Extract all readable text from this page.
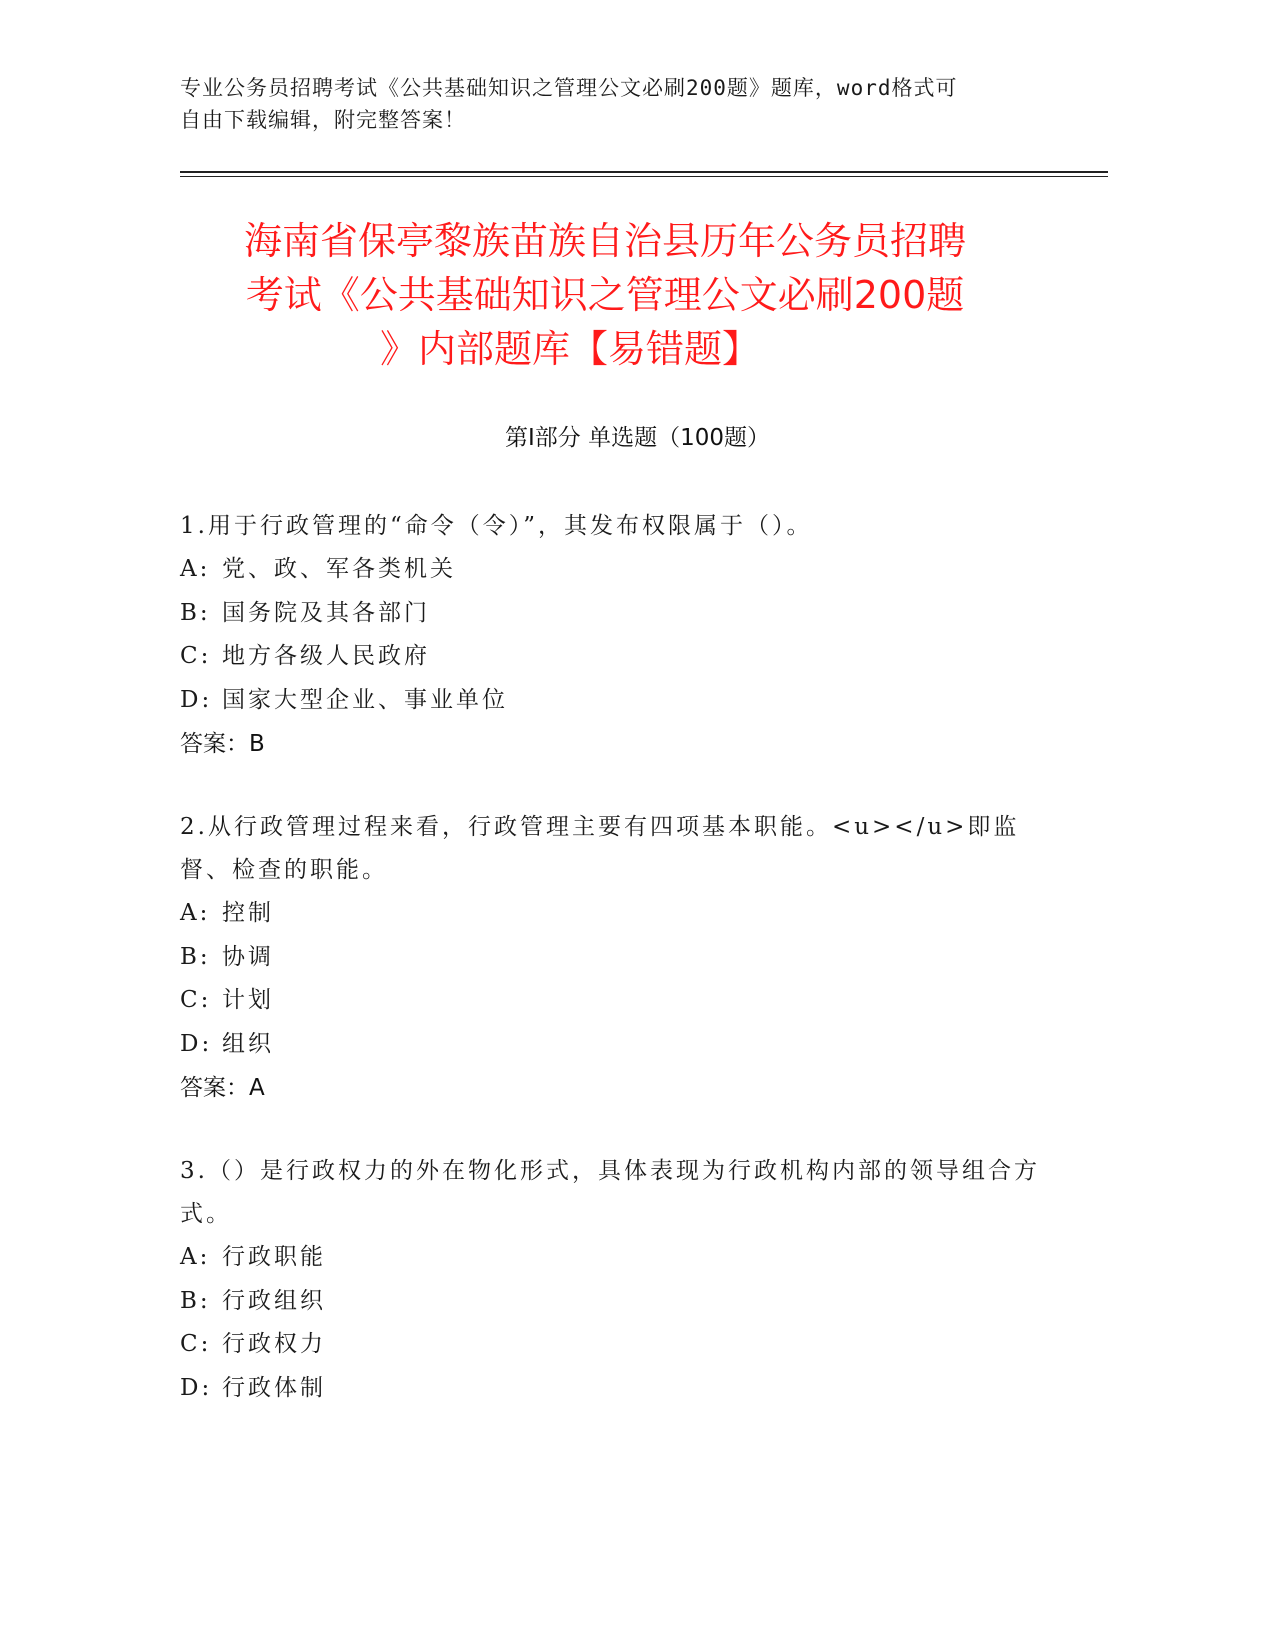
专业公务员招聘考试《公共基础知识之管理公文必刷200题》题库，word格式可
自由下载编辑，附完整答案！
海南省保亭黎族苗族自治县历年公务员招聘
考试《公共基础知识之管理公文必刷200题
》内部题库【易错题】
第Ⅰ部分 单选题（100题）
1.用于行政管理的“命令（令）”，其发布权限属于（）。
A: 党、政、军各类机关
B: 国务院及其各部门
C: 地方各级人民政府
D: 国家大型企业、事业单位
答案：B
2.从行政管理过程来看，行政管理主要有四项基本职能。<u></u>即监督、检查的职能。
A: 控制
B: 协调
C: 计划
D: 组织
答案：A
3.（）是行政权力的外在物化形式，具体表现为行政机构内部的领导组合方式。
A: 行政职能
B: 行政组织
C: 行政权力
D: 行政体制
